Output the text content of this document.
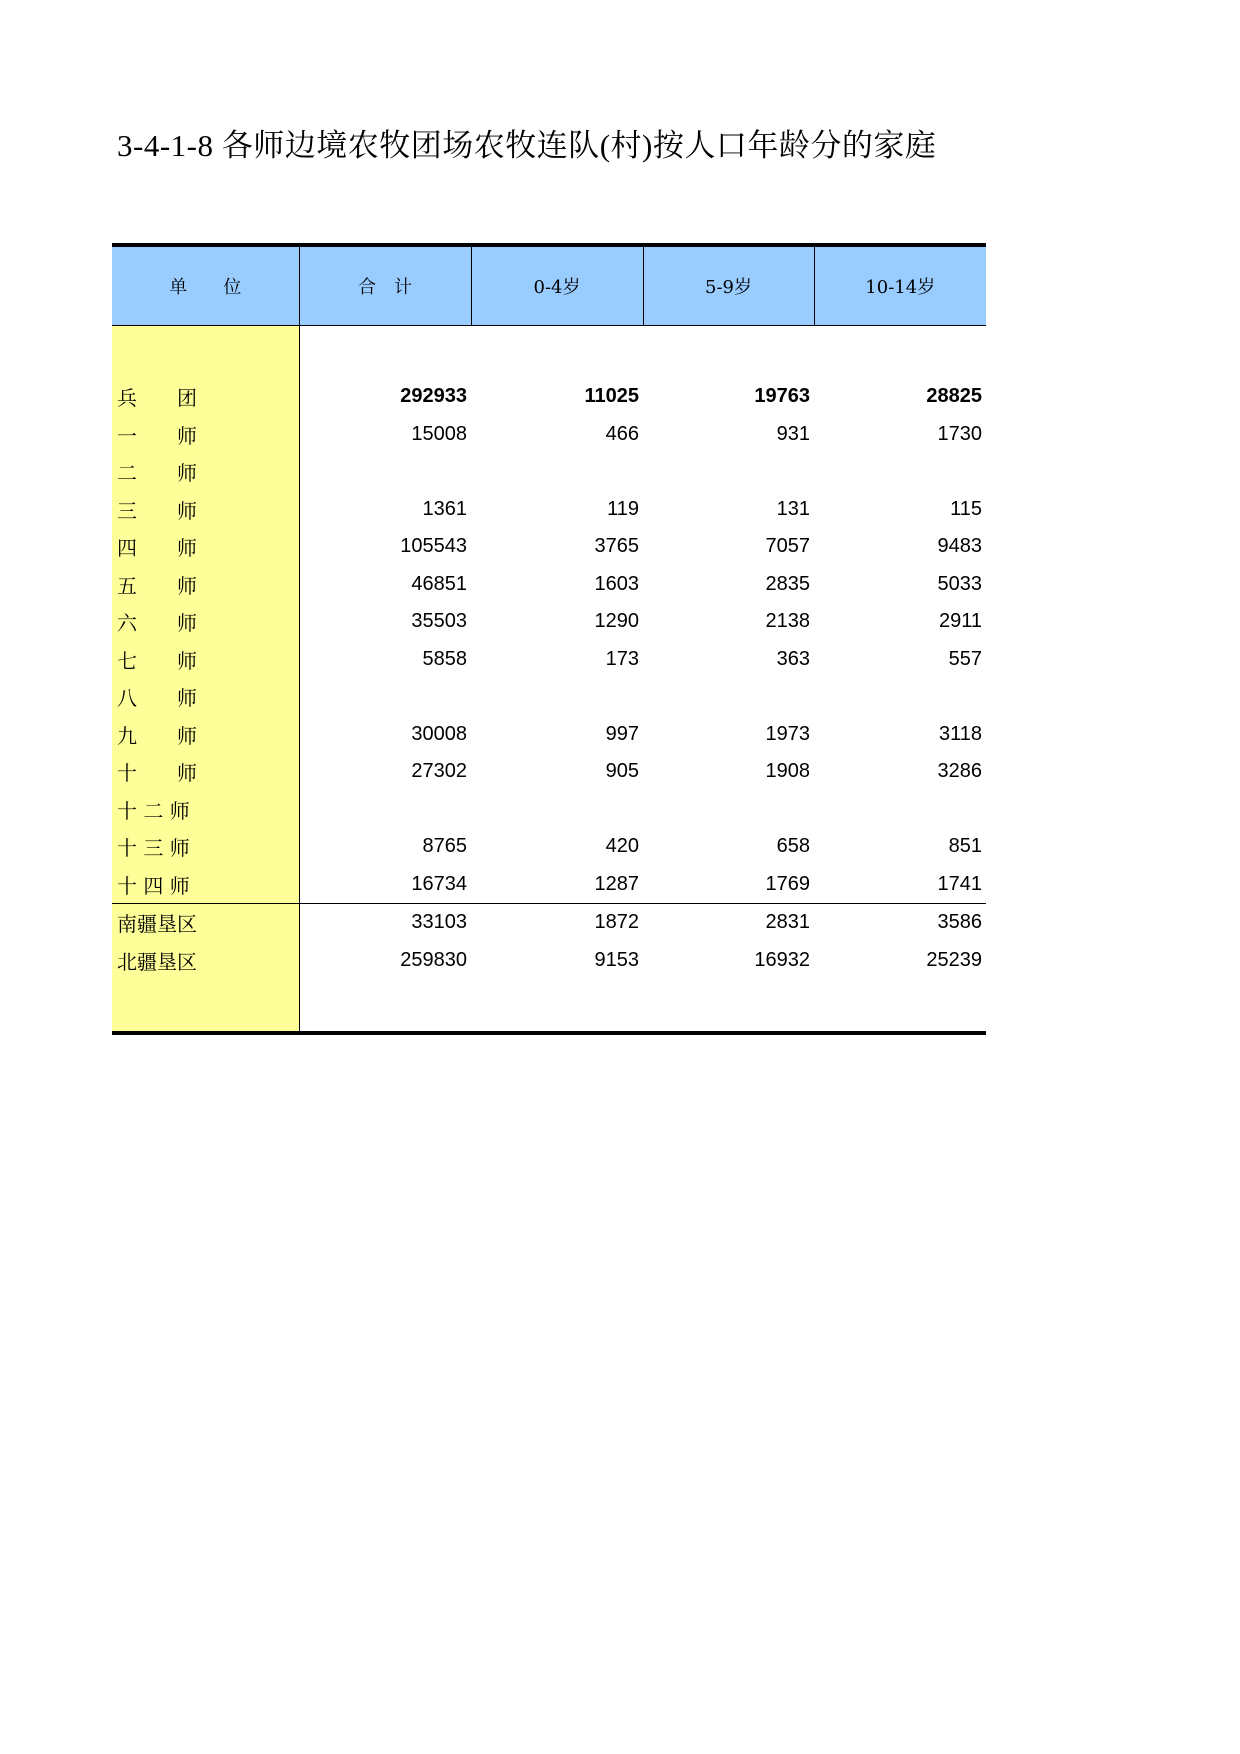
3-4-1-8 各师边境农牧团场农牧连队(村)按人口年龄分的家庭
单　　位	合　计	0-4岁	5-9岁	10-14岁

兵　　团	292933	11025	19763	28825
一　　师	15008	466	931	1730
二　　师				
三　　师	1361	119	131	115
四　　师	105543	3765	7057	9483
五　　师	46851	1603	2835	5033
六　　师	35503	1290	2138	2911
七　　师	5858	173	363	557
八　　师				
九　　师	30008	997	1973	3118
十　　师	27302	905	1908	3286
十 二 师				
十 三 师	8765	420	658	851
十 四 师	16734	1287	1769	1741
南疆垦区	33103	1872	2831	3586
北疆垦区	259830	9153	16932	25239
